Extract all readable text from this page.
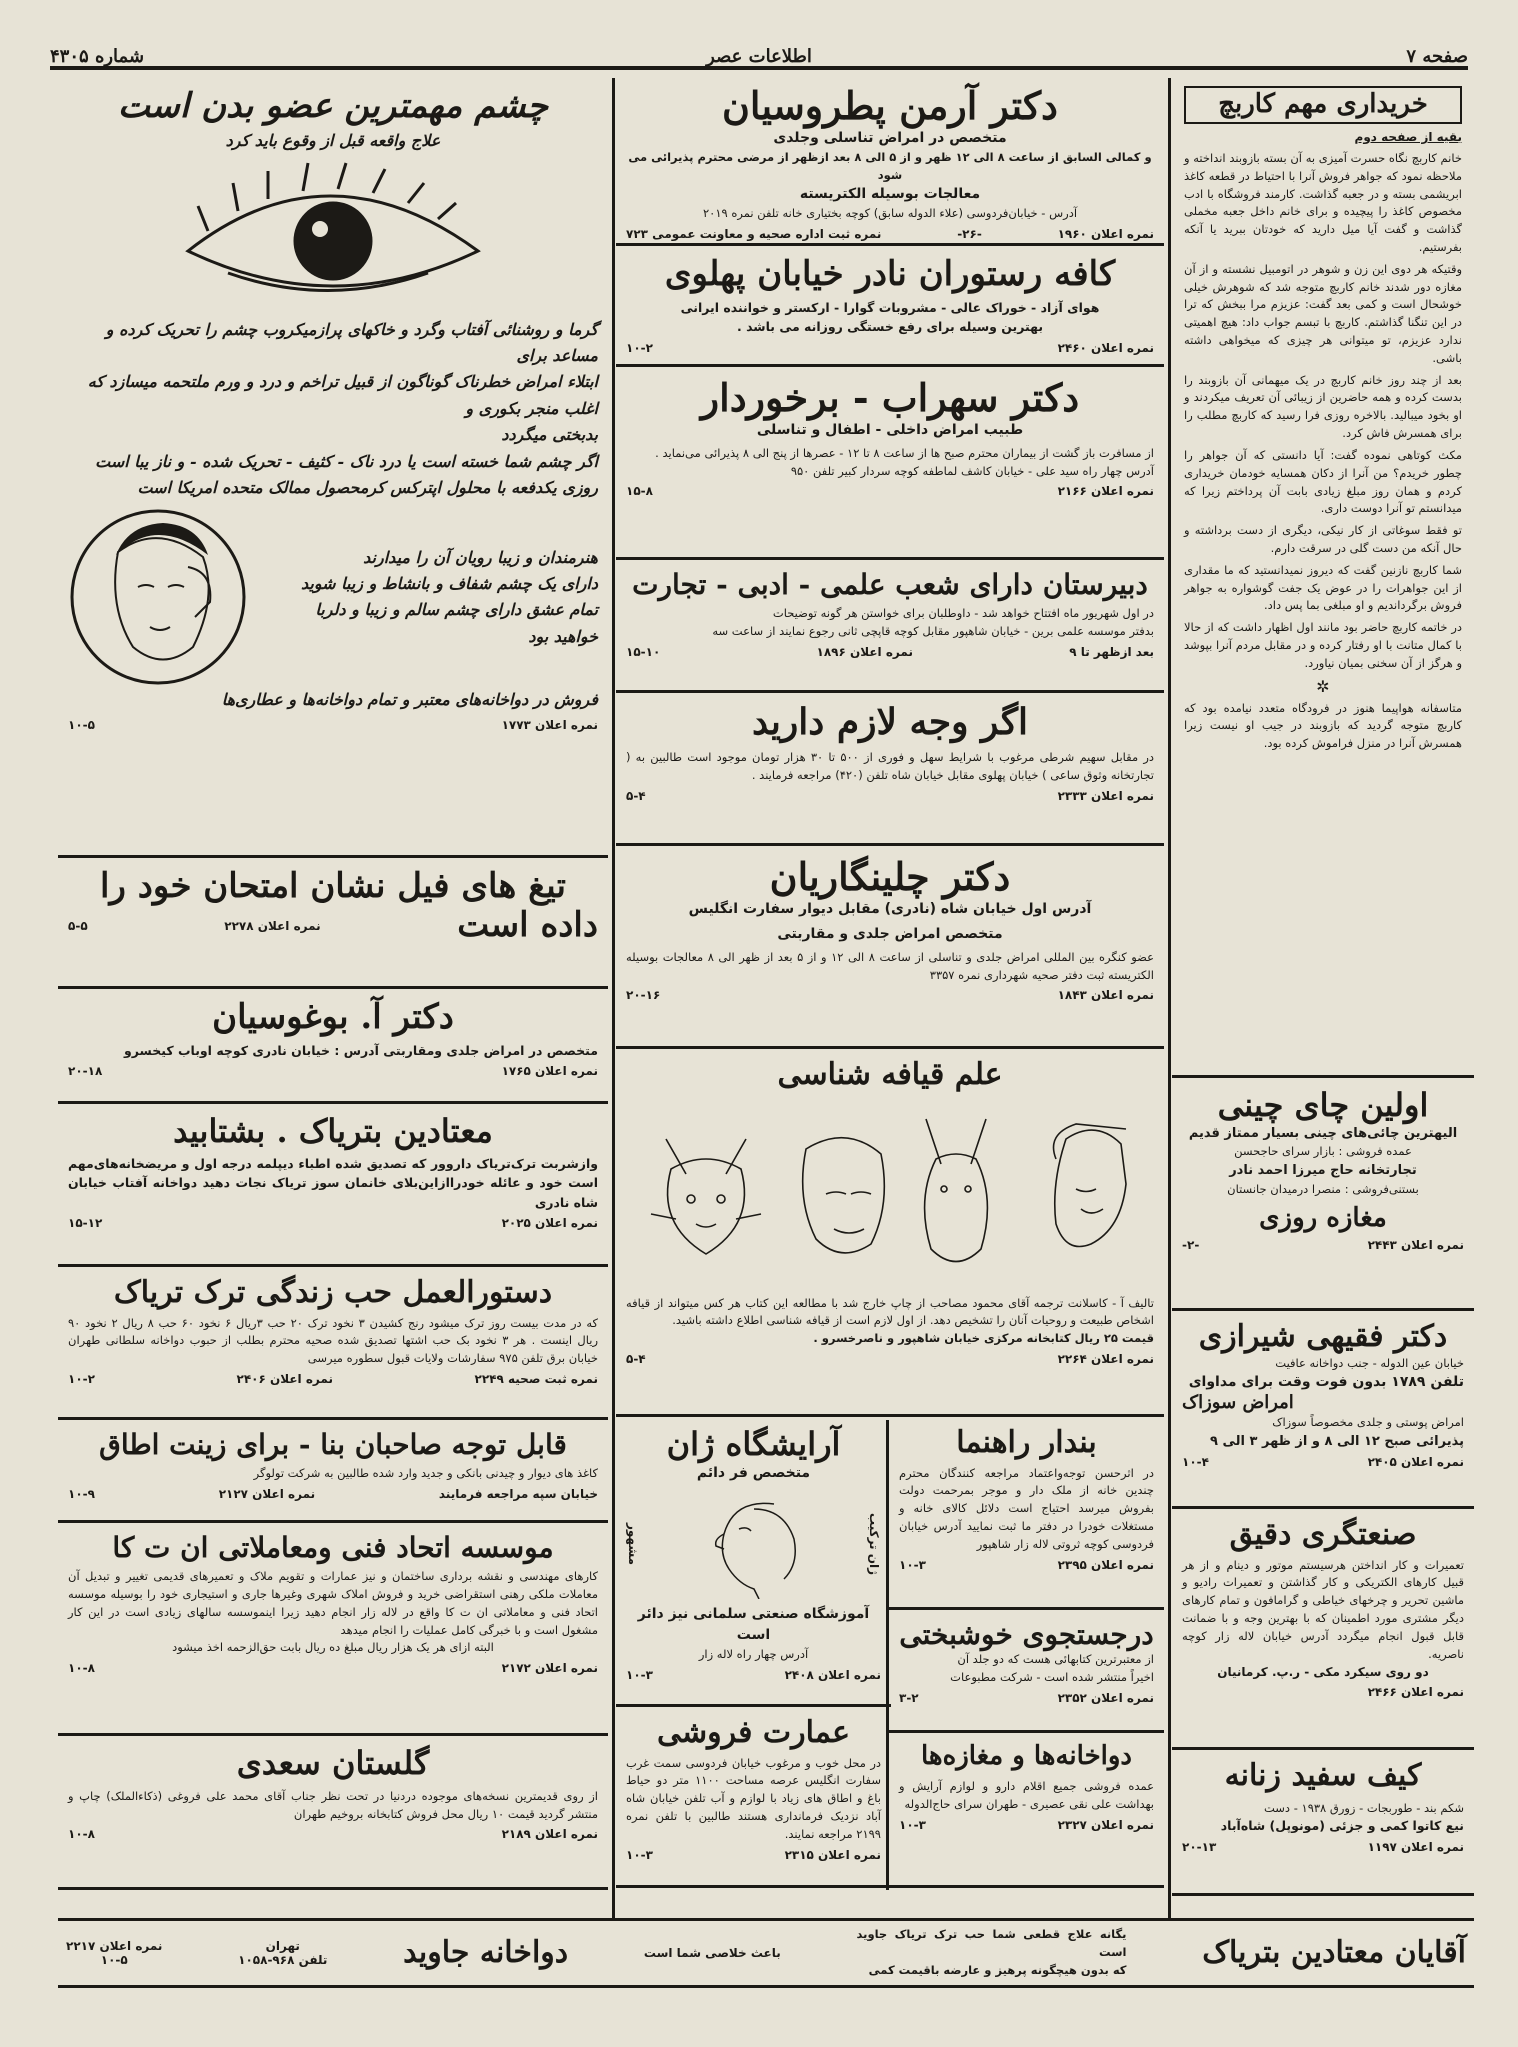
صفحه ۷
اطلاعات عصر
شماره ۴۳۰۵
خریداری مهم کاربچ
بقیه از صفحه دوم

خانم کاربچ نگاه حسرت آمیزی به آن بسته بازوبند انداخته و ملاحظه نمود که جواهر فروش آنرا با احتیاط در قطعه کاغذ ابریشمی بسته و در جعبه گذاشت. کارمند فروشگاه با ادب مخصوص کاغذ را پیچیده و برای خانم داخل جعبه مخملی گذاشت و گفت آیا میل دارید که خودتان ببرید یا آنکه بفرستیم.

وقتیکه هر دوی این زن و شوهر در اتومبیل نشسته و از آن مغازه دور شدند خانم کاربچ متوجه شد که شوهرش خیلی خوشحال است و کمی بعد گفت: عزیزم مرا ببخش که ترا در این تنگنا گذاشتم. کاربچ با تبسم جواب داد: هیچ اهمیتی ندارد عزیزم، تو میتوانی هر چیزی که میخواهی داشته باشی.

بعد از چند روز خانم کاربچ در یک میهمانی آن بازوبند را بدست کرده و همه حاضرین از زیبائی آن تعریف میکردند و او بخود میبالید. بالاخره روزی فرا رسید که کاربچ مطلب را برای همسرش فاش کرد.

مکث کوتاهی نموده گفت: آیا دانستی که آن جواهر را چطور خریدم؟ من آنرا از دکان همسایه خودمان خریداری کردم و همان روز مبلغ زیادی بابت آن پرداختم زیرا که میدانستم تو آنرا دوست داری.

تو فقط سوغاتی از کار نیکی، دیگری از دست برداشته و حال آنکه من دست گلی در سرقت دارم.

شما کاربچ نازنین گفت که دیروز نمیدانستید که ما مقداری از این جواهرات را در عوض یک جفت گوشواره به جواهر فروش برگرداندیم و او مبلغی بما پس داد.

در خاتمه کاربچ حاضر بود مانند اول اظهار داشت که از حالا با کمال متانت با او رفتار کرده و در مقابل مردم آنرا بپوشد و هرگز از آن سخنی بمیان نیاورد.

✲

متاسفانه هواپیما هنوز در فرودگاه متعدد نیامده بود که کاربچ متوجه گردید که بازوبند در جیب او نیست زیرا همسرش آنرا در منزل فراموش کرده بود.

اولین چای چینی
الیهترین چائی‌های چینی بسیار ممتاز قدیم
عمده فروشی : بازار سرای حاجحسن
تجارتخانه حاج میرزا احمد نادر
بستنی‌فروشی : منصرا درمیدان جانستان
مغازه روزی
نمره اعلان ۲۴۴۳
-۲-
دکتر فقیهی شیرازی
خیابان عین الدوله - جنب دواخانه عافیت
تلفن ۱۷۸۹ بدون فوت وقت برای مداوای
امراض سوزاک
امراض پوستی و جلدی مخصوصاً سوزاک
پذیرائی صبح ۱۲ الی ۸ و از ظهر ۳ الی ۹
نمره اعلان ۲۴۰۵
۱۰-۴
صنعتگری دقیق
تعمیرات و کار انداختن هرسیستم موتور و دینام و از هر قبیل کارهای الکتریکی و کار گذاشتن و تعمیرات رادیو و ماشین تحریر و چرخهای خیاطی و گرامافون و تمام کارهای دیگر مشتری مورد اطمینان که با بهترین وجه و با ضمانت قابل قبول انجام میگردد آدرس خیابان لاله زار کوچه ناصریه.
دو روی سیکرد مکی - ر.پ. کرمانیان
نمره اعلان ۲۴۶۶
کیف سفید زنانه
شکم بند - طوربجات - زورق ۱۹۳۸ - دست
نیع کاتوا کمی و جزئی (مونوپل) شاه‌آباد
نمره اعلان ۱۱۹۷
۲۰-۱۳
دکتر آرمن پطروسیان
متخصص در امراض تناسلی وجلدی
و کمالی السابق از ساعت ۸ الی ۱۲ ظهر و از ۵ الی ۸ بعد ازظهر از مرضی محترم پذیرائی می شود
معالجات بوسیله الکتریسته
آدرس - خیابان‌فردوسی (علاء الدوله سابق) کوچه بختیاری خانه تلفن نمره ۲۰۱۹
نمره اعلان ۱۹۶۰
-۲۶-
نمره ثبت اداره صحیه و معاونت عمومی ۷۲۳
کافه رستوران نادر خیابان پهلوی
هوای آزاد - خوراک عالی - مشروبات گوارا - ارکستر و خواننده ایرانی
بهترین وسیله برای رفع خستگی روزانه می باشد .
نمره اعلان ۲۴۶۰
۱۰-۲
دکتر سهراب - برخوردار
طبیب امراض داخلی - اطفال و تناسلی
از مسافرت باز گشت از بیماران محترم صبح ها از ساعت ۸ تا ۱۲ - عصرها از پنج الی ۸ پذیرائی می‌نماید .
آدرس چهار راه سید علی - خیابان کاشف لماطفه کوچه سردار کبیر تلفن ۹۵۰
نمره اعلان ۲۱۶۶
۱۵-۸
دبیرستان دارای شعب علمی - ادبی - تجارت
در اول شهریور ماه افتتاح خواهد شد - داوطلبان برای خواستن هر گونه توضیحات
بدفتر موسسه علمی برین - خیابان شاهپور مقابل کوچه قاپچی ثانی رجوع نمایند از ساعت سه
بعد ازظهر تا ۹
نمره اعلان ۱۸۹۶
۱۵-۱۰
اگر وجه لازم دارید
در مقابل سهیم شرطی مرغوب با شرایط سهل و فوری از ۵۰۰ تا ۳۰ هزار تومان موجود است طالبین به ( تجارتخانه وثوق ساعی ) خیابان پهلوی مقابل خیابان شاه تلفن (۴۲۰) مراجعه فرمایند .
نمره اعلان ۲۳۳۳
۵-۴
دکتر چلینگاریان
آدرس اول خیابان شاه (نادری) مقابل دیوار سفارت انگلیس
متخصص امراض جلدی و مقاربتی
عضو کنگره بین المللی امراض جلدی و تناسلی از ساعت ۸ الی ۱۲ و از ۵ بعد از ظهر الی ۸ معالجات بوسیله الکتریسته ثبت دفتر صحیه شهرداری نمره ۳۳۵۷
نمره اعلان ۱۸۴۳
۲۰-۱۶
علم قیافه شناسی
تالیف آ - کاسلانت ترجمه آقای محمود مصاحب از چاپ خارج شد با مطالعه این کتاب هر کس میتواند از قیافه اشخاص طبیعت و روحیات آنان را تشخیص دهد. از اول لازم است از قیافه شناسی اطلاع داشته باشید.
قیمت ۲۵ ریال کتابخانه مرکزی خیابان شاهپور و ناصرخسرو .
نمره اعلان ۲۲۶۴
۵-۴
بندار راهنما
در اثرحسن توجه‌واعتماد مراجعه کنندگان محترم چندین خانه از ملک دار و موجر بمرحمت دولت بفروش میرسد احتیاج است دلائل کالای خانه و مستغلات خودرا در دفتر ما ثبت نمایید آدرس خیابان فردوسی کوچه ثروتی لاله زار شاهپور
نمره اعلان ۲۳۹۵
۱۰-۳
درجستجوی خوشبختی
از معتبرترین کتابهائی هست که دو جلد آن
اخیراً منتشر شده است - شرکت مطبوعات
نمره اعلان ۲۳۵۲
۳-۲
دواخانه‌ها و مغازه‌ها
عمده فروشی جمیع اقلام دارو و لوازم آرایش و بهداشت علی نقی عصیری - طهران سرای حاج‌الدوله
نمره اعلان ۲۳۲۷
۱۰-۳
آرایشگاه ژان
متخصص فر دائم
ژان ترکیب
مشهور
آموزشگاه صنعتی سلمانی نیز دائر است
آدرس چهار راه لاله زار
نمره اعلان ۲۴۰۸
۱۰-۳
عمارت فروشی
در محل خوب و مرغوب خیابان فردوسی سمت غرب سفارت انگلیس عرصه مساحت ۱۱۰۰ متر دو حیاط باغ و اطاق های زیاد با لوازم و آب تلفن خیابان شاه آباد نزدیک فرمانداری هستند طالبین با تلفن نمره ۲۱۹۹ مراجعه نمایند.
نمره اعلان ۲۳۱۵
۱۰-۳
چشم مهمترین عضو بدن است
علاج واقعه قبل از وقوع باید کرد
گرما و روشنائی آفتاب وگرد و خاکهای پرازمیکروب چشم را تحریک کرده و مساعد برای
ابتلاء امراض خطرناک گوناگون از قبیل تراخم و درد و ورم ملتحمه میسازد که اغلب منجر بکوری و
بدبختی میگردد
اگر چشم شما خسته است یا درد ناک - کثیف - تحریک شده - و ناز یبا است
روزی یکدفعه با محلول اپترکس کرمحصول ممالک متحده امریکا است
هنرمندان و زیبا رویان آن را میدارند
دارای یک چشم شفاف و بانشاط و زیبا شوید
تمام عشق دارای چشم سالم و زیبا و دلربا
خواهید بود
فروش در دواخانه‌های معتبر و تمام دواخانه‌ها و عطاری‌ها
نمره اعلان ۱۷۷۳
۱۰-۵
تیغ های فیل نشان امتحان خود را
داده است
نمره اعلان ۲۲۷۸
۵-۵
دکتر آ. بوغوسیان
متخصص در امراض جلدی ومقاربتی آدرس : خیابان نادری کوچه اوباب کیخسرو
نمره اعلان ۱۷۶۵
۲۰-۱۸
معتادین بتریاک . بشتابید
وازشربت ترک‌تریاک داروور که تصدیق شده اطباء دیپلمه درجه اول و مریضخانه‌های‌مهم است خود و عائله خودراازاین‌بلای خانمان سوز تریاک نجات دهید دواخانه آفتاب خیابان شاه نادری
نمره اعلان ۲۰۲۵
۱۵-۱۲
دستورالعمل حب زندگی ترک تریاک
که در مدت بیست روز ترک میشود رنج کشیدن ۳ نخود ترک ۲۰ حب ۳ریال ۶ نخود ۶۰ حب ۸ ریال ۲ نخود ۹۰ ریال اینست . هر ۳ نخود بک حب اشتها تصدیق شده صحیه محترم بطلب از حبوب دواخانه سلطانی طهران خیابان برق تلفن ۹۷۵ سفارشات ولایات قبول سطوره میرسی
نمره ثبت صحیه ۲۲۴۹
نمره اعلان ۲۴۰۶
۱۰-۲
قابل توجه صاحبان بنا - برای زینت اطاق
کاغذ های دیوار و چیدنی بانکی و جدید وارد شده طالبین به شرکت تولوگر
خیابان سپه مراجعه فرمایند
نمره اعلان ۲۱۲۷
۱۰-۹
موسسه اتحاد فنی ومعاملاتی ان ت کا
کارهای مهندسی و نقشه برداری ساختمان و نیز عمارات و تقویم ملاک و تعمیرهای قدیمی تغییر و تبدیل آن معاملات ملکی رهنی استقراضی خرید و فروش املاک شهری وغیرها جاری و استیجاری خود را بوسیله موسسه اتحاد فنی و معاملاتی ان ت کا واقع در لاله زار انجام دهید زیرا اینموسسه سالهای زیادی است در این کار مشغول است و با خبرگی کامل عملیات را انجام میدهد
البته ازای هر یک هزار ریال مبلغ ده ریال بابت حق‌الزحمه اخذ میشود
نمره اعلان ۲۱۷۲
۱۰-۸
گلستان سعدی
از روی قدیمترین نسخه‌های موجوده دردنیا در تحت نظر جناب آقای محمد علی فروغی (ذکاءالملک) چاپ و منتشر گردید قیمت ۱۰ ریال محل فروش کتابخانه بروخیم طهران
نمره اعلان ۲۱۸۹
۱۰-۸
آقایان معتادین بتریاک
یگانه علاج قطعی شما حب ترک تریاک جاوید است
که بدون هیچگونه پرهیز و عارضه باقیمت کمی
باعث خلاصی شما است
دواخانه جاوید
تهران
تلفن ۹۶۸-۱۰۵۸
نمره اعلان ۲۲۱۷
۱۰-۵
